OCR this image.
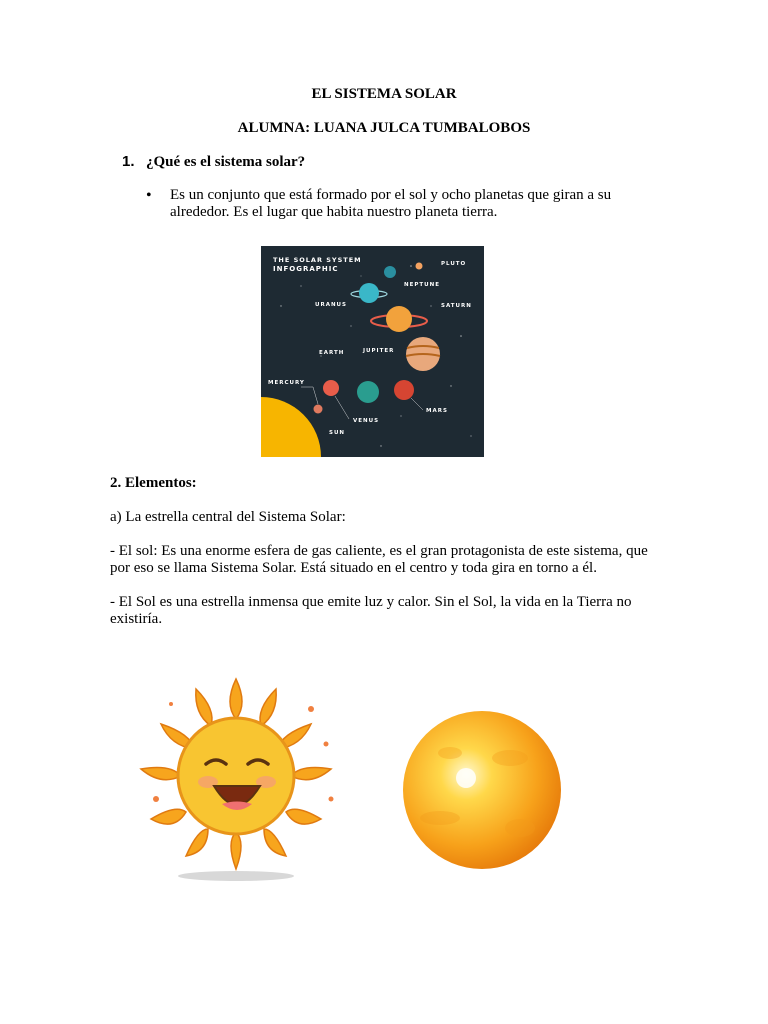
EL SISTEMA SOLAR
ALUMNA: LUANA JULCA TUMBALOBOS
1. ¿Qué es el sistema solar?
• Es un conjunto que está formado por el sol y ocho planetas que giran a su alrededor. Es el lugar que habita nuestro planeta tierra.
THE SOLAR SYSTEM
INFOGRAPHIC
SUN
MERCURY
VENUS
EARTH
MARS
JUPITER
SATURN
URANUS
NEPTUNE
PLUTO
2. Elementos:
a) La estrella central del Sistema Solar:
- El sol: Es una enorme esfera de gas caliente, es el gran protagonista de este sistema, que por eso se llama Sistema Solar. Está situado en el centro y toda gira en torno a él.
- El Sol es una estrella inmensa que emite luz y calor. Sin el Sol, la vida en la Tierra no existiría.
